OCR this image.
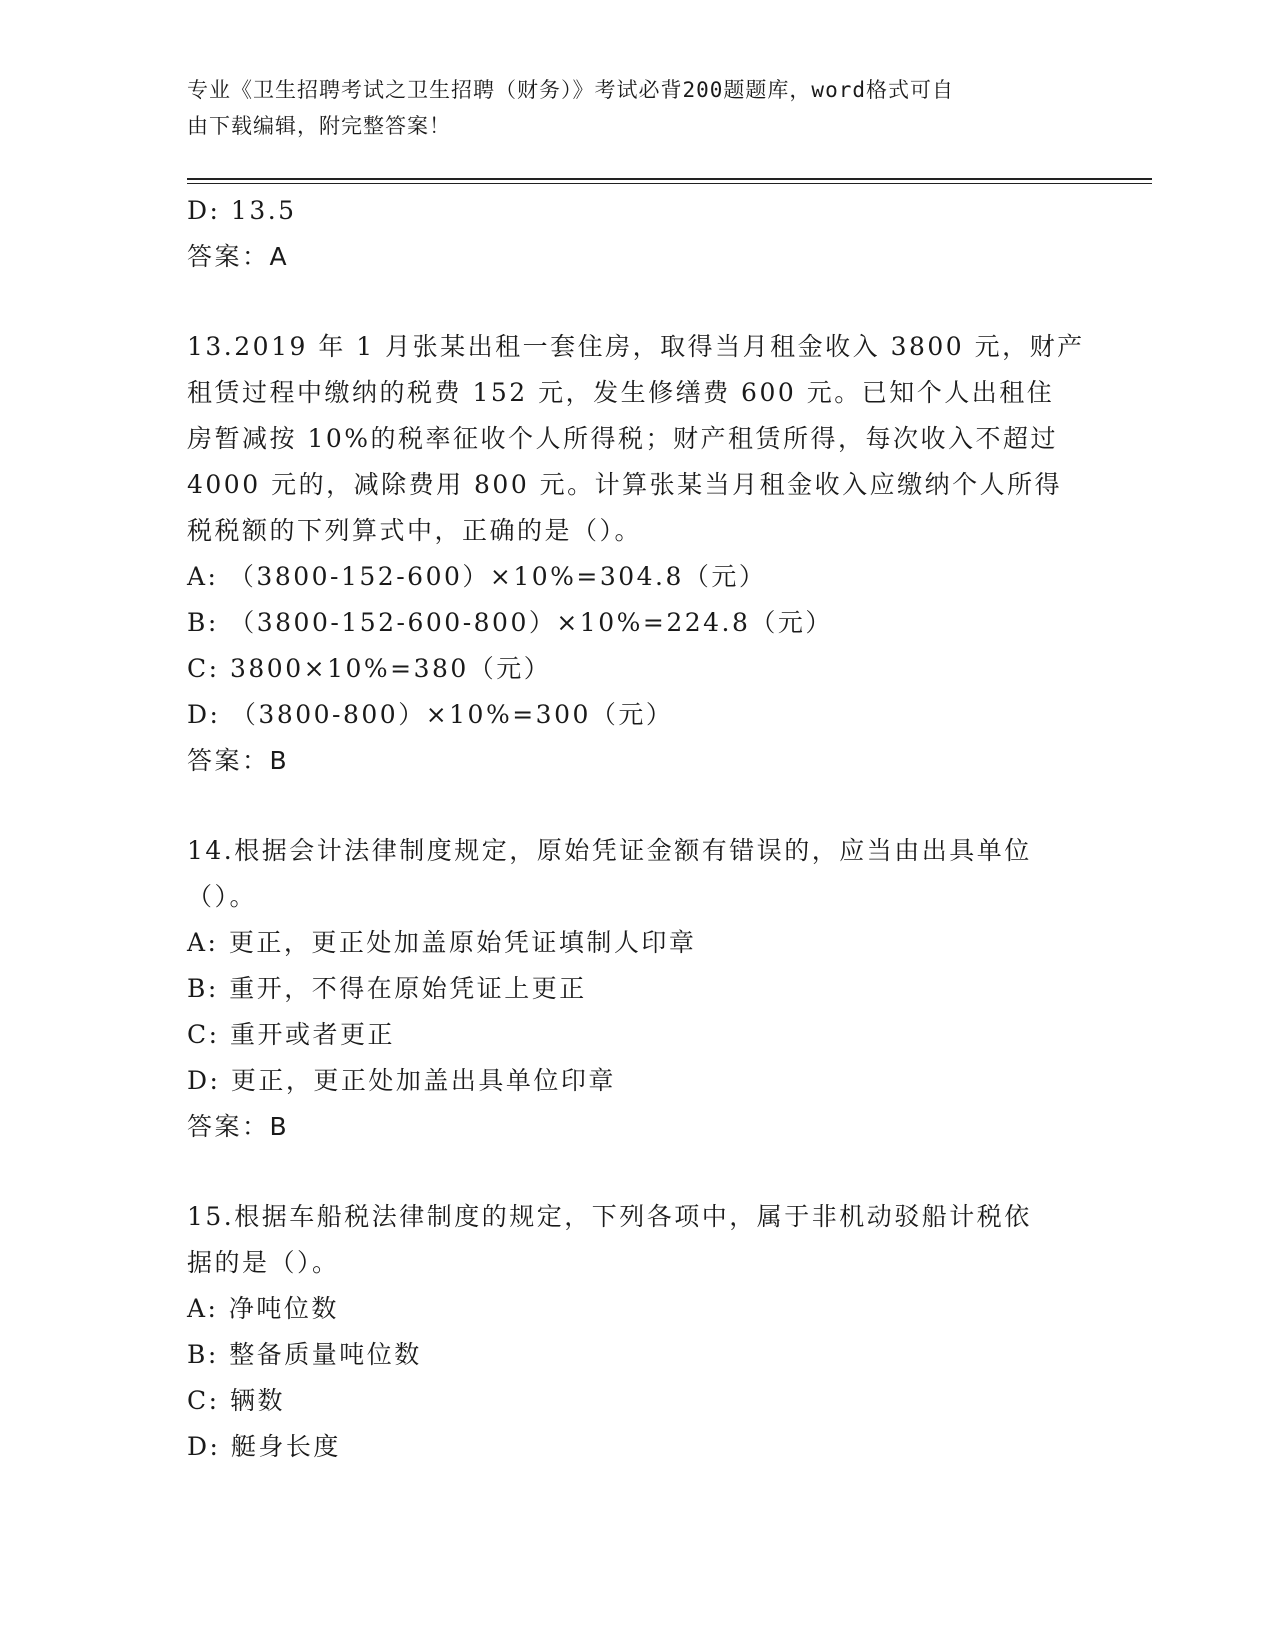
专业《卫生招聘考试之卫生招聘（财务）》考试必背200题题库，word格式可自
由下载编辑，附完整答案！
D: 13.5
答案：A
13.2019 年 1 月张某出租一套住房，取得当月租金收入 3800 元，财产
租赁过程中缴纳的税费 152 元，发生修缮费 600 元。已知个人出租住
房暂减按 10%的税率征收个人所得税；财产租赁所得，每次收入不超过
4000 元的，减除费用 800 元。计算张某当月租金收入应缴纳个人所得
税税额的下列算式中，正确的是（）。
A: （3800-152-600）×10%=304.8（元）
B: （3800-152-600-800）×10%=224.8（元）
C: 3800×10%=380（元）
D: （3800-800）×10%=300（元）
答案：B
14.根据会计法律制度规定，原始凭证金额有错误的，应当由出具单位
（）。
A: 更正，更正处加盖原始凭证填制人印章
B: 重开，不得在原始凭证上更正
C: 重开或者更正
D: 更正，更正处加盖出具单位印章
答案：B
15.根据车船税法律制度的规定，下列各项中，属于非机动驳船计税依
据的是（）。
A: 净吨位数
B: 整备质量吨位数
C: 辆数
D: 艇身长度
